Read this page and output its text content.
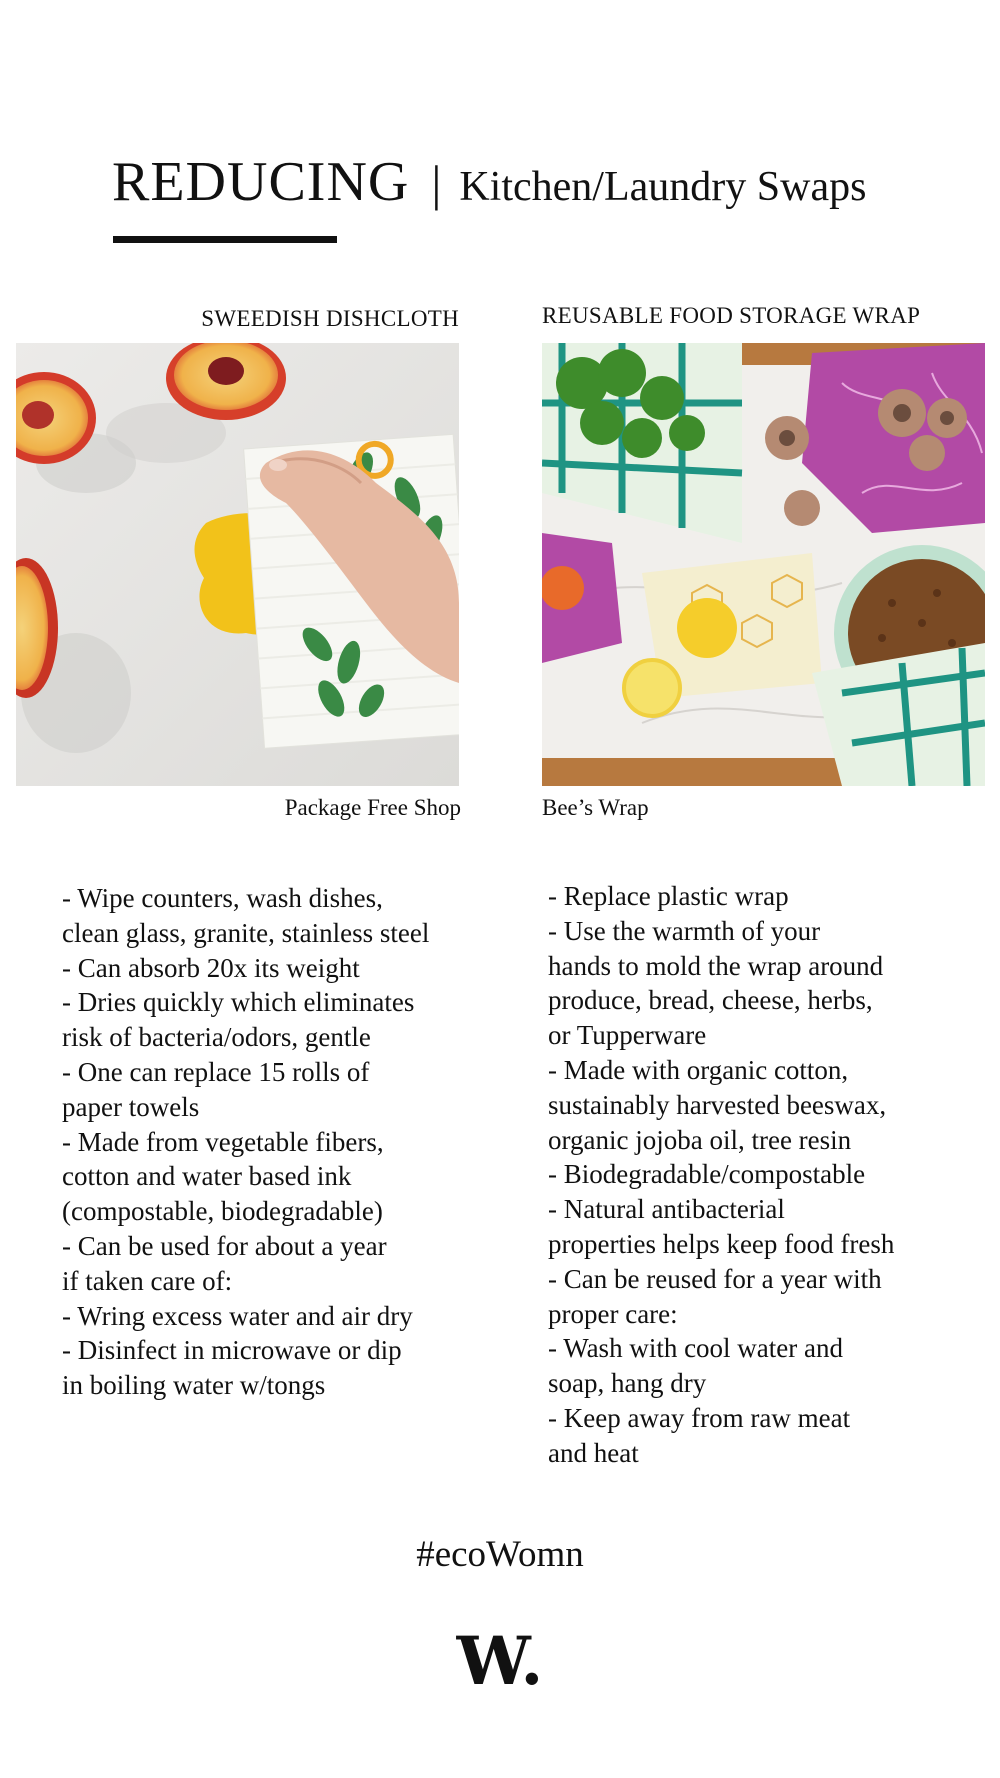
REDUCING | Kitchen/Laundry Swaps
SWEEDISH DISHCLOTH	REUSABLE FOOD STORAGE WRAP
Package Free Shop	Bee’s Wrap
- Wipe counters, wash dishes,
clean glass, granite, stainless steel
- Can absorb 20x its weight
- Dries quickly which eliminates
risk of bacteria/odors, gentle
- One can replace 15 rolls of
paper towels
- Made from vegetable fibers,
cotton and water based ink
(compostable, biodegradable)
- Can be used for about a year
if taken care of:
- Wring excess water and air dry
- Disinfect in microwave or dip
in boiling water w/tongs
- Replace plastic wrap
- Use the warmth of your
hands to mold the wrap around
produce, bread, cheese, herbs,
or Tupperware
- Made with organic cotton,
sustainably harvested beeswax,
organic jojoba oil, tree resin
- Biodegradable/compostable
- Natural antibacterial
properties helps keep food fresh
- Can be reused for a year with
proper care:
- Wash with cool water and
soap, hang dry
- Keep away from raw meat
and heat
#ecoWomn
W.
